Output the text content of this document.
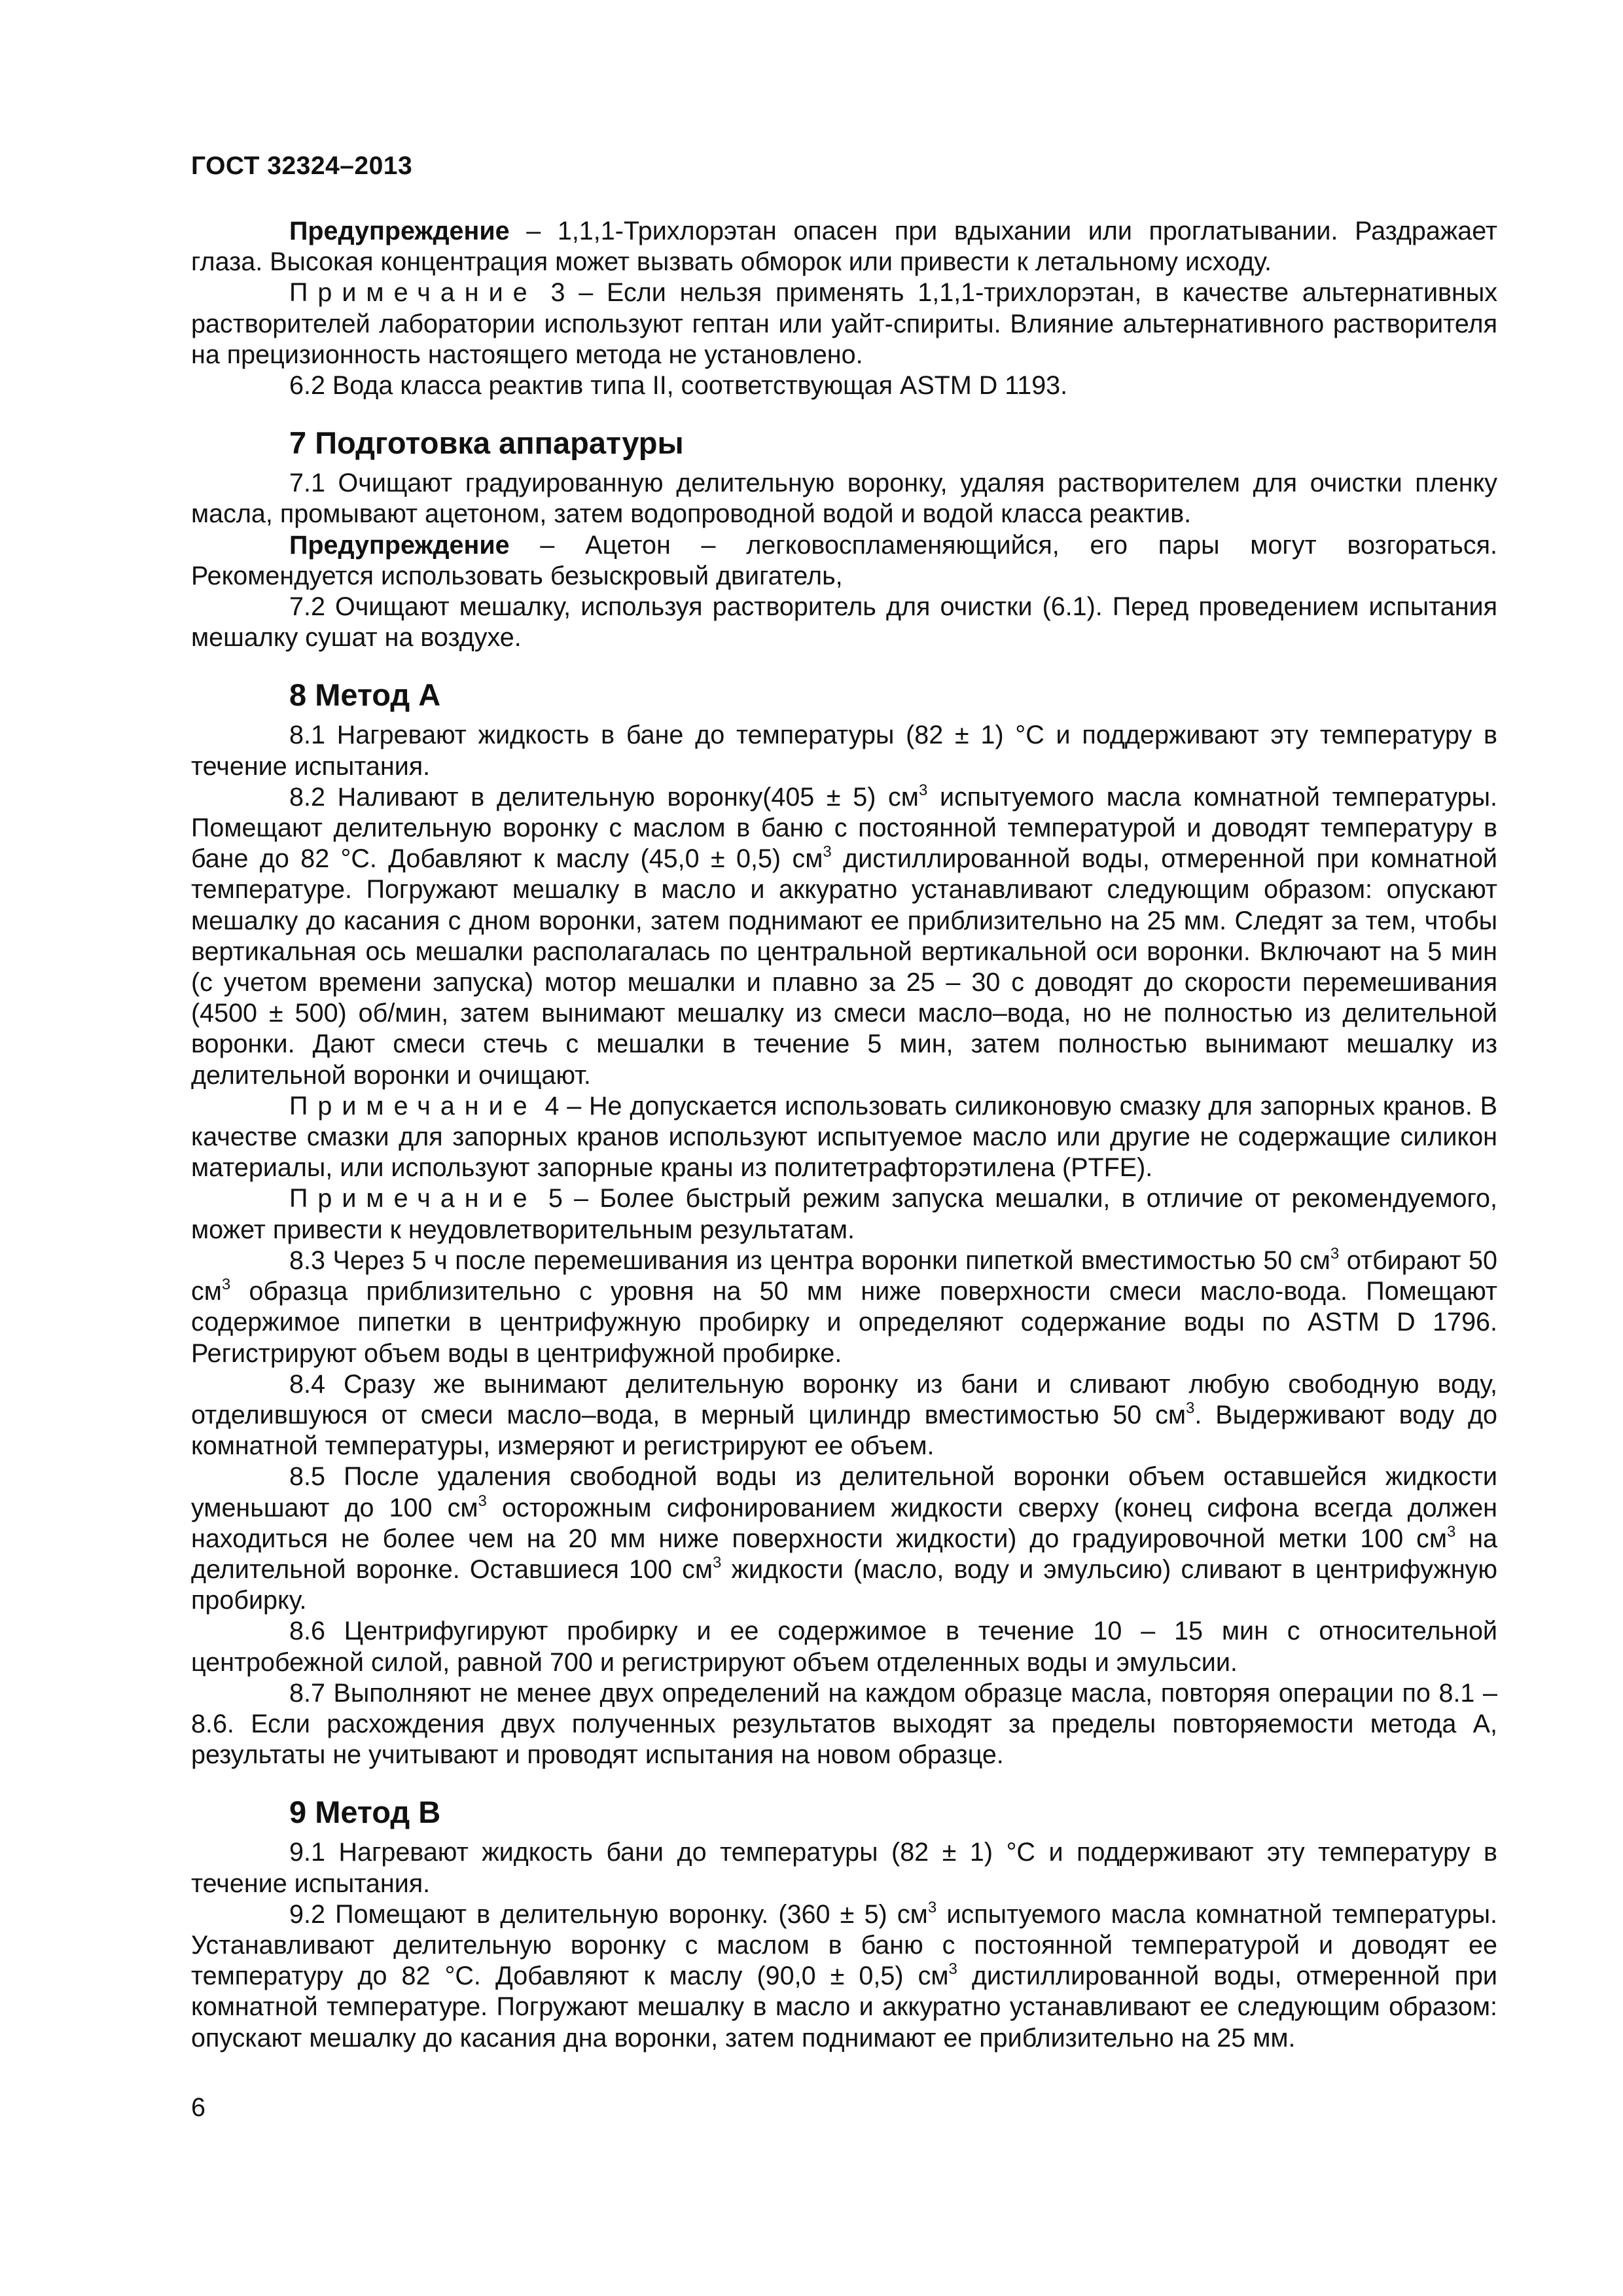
ГОСТ 32324–2013

Предупреждение – 1,1,1-Трихлорэтан опасен при вдыхании или проглатывании. Раздражает глаза. Высокая концентрация может вызвать обморок или привести к летальному исходу.

Примечание 3 – Если нельзя применять 1,1,1-трихлорэтан, в качестве альтернативных растворителей лаборатории используют гептан или уайт-спириты. Влияние альтернативного растворителя на прецизионность настоящего метода не установлено.

6.2 Вода класса реактив типа II, соответствующая ASTM D 1193.

7 Подготовка аппаратуры

7.1 Очищают градуированную делительную воронку, удаляя растворителем для очистки пленку масла, промывают ацетоном, затем водопроводной водой и водой класса реактив.

Предупреждение – Ацетон – легковоспламеняющийся, его пары могут возгораться. Рекомендуется использовать безыскровый двигатель,

7.2 Очищают мешалку, используя растворитель для очистки (6.1). Перед проведением испытания мешалку сушат на воздухе.

8 Метод А

8.1 Нагревают жидкость в бане до температуры (82 ± 1) °С и поддерживают эту температуру в течение испытания.

8.2 Наливают в делительную воронку(405 ± 5) $см^3$ испытуемого масла комнатной температуры. Помещают делительную воронку с маслом в баню с постоянной температурой и доводят температуру в бане до 82 °С. Добавляют к маслу (45,0 ± 0,5) $см^3$ дистиллированной воды, отмеренной при комнатной температуре. Погружают мешалку в масло и аккуратно устанавливают следующим образом: опускают мешалку до касания с дном воронки, затем поднимают ее приблизительно на 25 мм. Следят за тем, чтобы вертикальная ось мешалки располагалась по центральной вертикальной оси воронки. Включают на 5 мин (с учетом времени запуска) мотор мешалки и плавно за 25 – 30 с доводят до скорости перемешивания (4500 ± 500) об/мин, затем вынимают мешалку из смеси масло–вода, но не полностью из делительной воронки. Дают смеси стечь с мешалки в течение 5 мин, затем полностью вынимают мешалку из делительной воронки и очищают.

Примечание 4 – Не допускается использовать силиконовую смазку для запорных кранов. В качестве смазки для запорных кранов используют испытуемое масло или другие не содержащие силикон материалы, или используют запорные краны из политетрафторэтилена (PTFE).

Примечание 5 – Более быстрый режим запуска мешалки, в отличие от рекомендуемого, может привести к неудовлетворительным результатам.

8.3 Через 5 ч после перемешивания из центра воронки пипеткой вместимостью 50 $см^3$ отбирают 50 $см^3$ образца приблизительно с уровня на 50 мм ниже поверхности смеси масло-вода. Помещают содержимое пипетки в центрифужную пробирку и определяют содержание воды по ASTM D 1796. Регистрируют объем воды в центрифужной пробирке.

8.4 Сразу же вынимают делительную воронку из бани и сливают любую свободную воду, отделившуюся от смеси масло–вода, в мерный цилиндр вместимостью 50 $см^3$. Выдерживают воду до комнатной температуры, измеряют и регистрируют ее объем.

8.5 После удаления свободной воды из делительной воронки объем оставшейся жидкости уменьшают до 100 $см^3$ осторожным сифонированием жидкости сверху (конец сифона всегда должен находиться не более чем на 20 мм ниже поверхности жидкости) до градуировочной метки 100 $см^3$ на делительной воронке. Оставшиеся 100 $см^3$ жидкости (масло, воду и эмульсию) сливают в центрифужную пробирку.

8.6 Центрифугируют пробирку и ее содержимое в течение 10 – 15 мин с относительной центробежной силой, равной 700 и регистрируют объем отделенных воды и эмульсии.

8.7 Выполняют не менее двух определений на каждом образце масла, повторяя операции по 8.1 – 8.6. Если расхождения двух полученных результатов выходят за пределы повторяемости метода А, результаты не учитывают и проводят испытания на новом образце.

9 Метод В

9.1 Нагревают жидкость бани до температуры (82 ± 1) °С и поддерживают эту температуру в течение испытания.

9.2 Помещают в делительную воронку. (360 ± 5) $см^3$ испытуемого масла комнатной температуры. Устанавливают делительную воронку с маслом в баню с постоянной температурой и доводят ее температуру до 82 °С. Добавляют к маслу (90,0 ± 0,5) $см^3$ дистиллированной воды, отмеренной при комнатной температуре. Погружают мешалку в масло и аккуратно устанавливают ее следующим образом: опускают мешалку до касания дна воронки, затем поднимают ее приблизительно на 25 мм.

6
